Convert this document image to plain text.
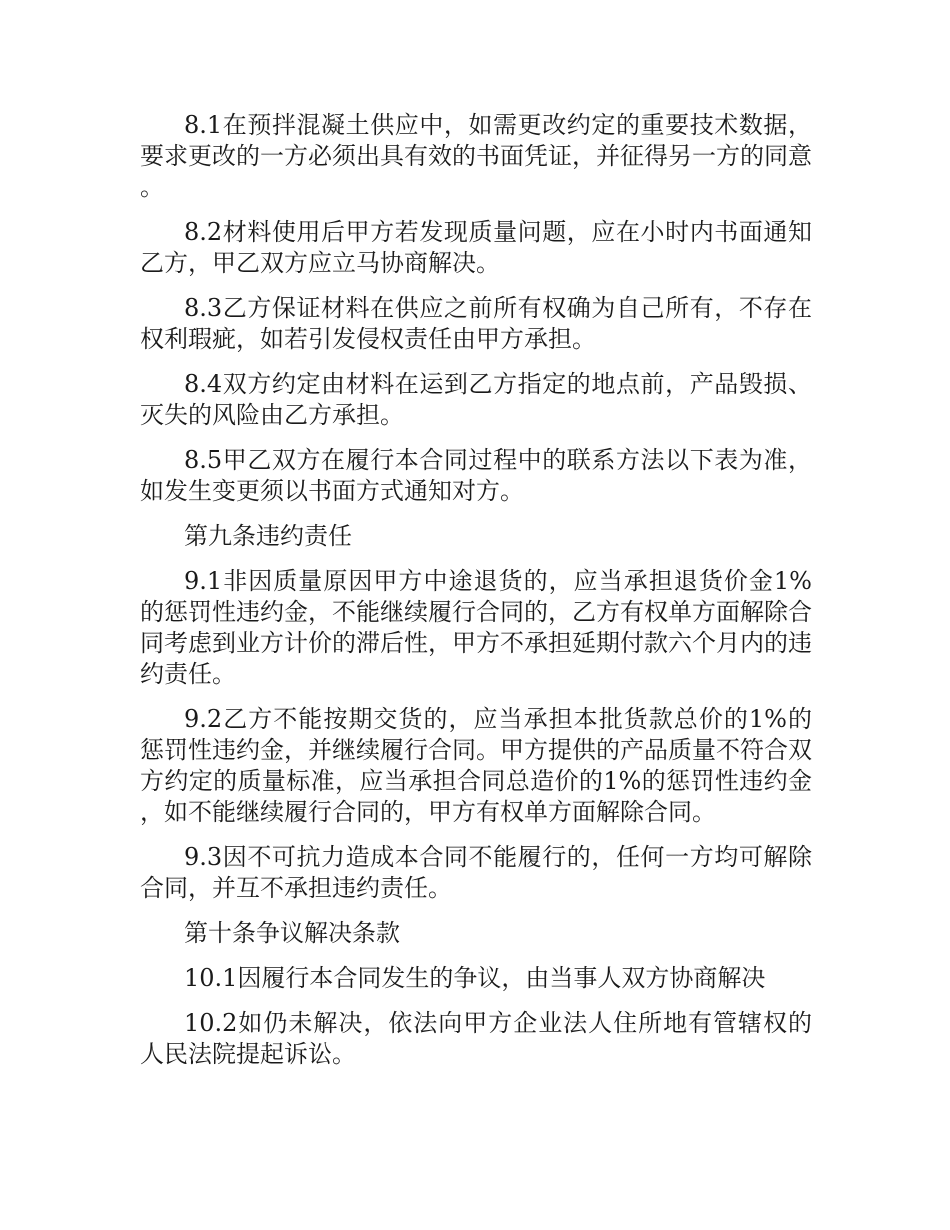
8.1在预拌混凝土供应中，如需更改约定的重要技术数据，要求更改的一方必须出具有效的书面凭证，并征得另一方的同意。

8.2材料使用后甲方若发现质量问题，应在小时内书面通知乙方，甲乙双方应立马协商解决。

8.3乙方保证材料在供应之前所有权确为自己所有，不存在权利瑕疵，如若引发侵权责任由甲方承担。

8.4双方约定由材料在运到乙方指定的地点前，产品毁损、灭失的风险由乙方承担。

8.5甲乙双方在履行本合同过程中的联系方法以下表为准，如发生变更须以书面方式通知对方。

第九条违约责任

9.1非因质量原因甲方中途退货的，应当承担退货价金1%的惩罚性违约金，不能继续履行合同的，乙方有权单方面解除合同考虑到业方计价的滞后性，甲方不承担延期付款六个月内的违约责任。

9.2乙方不能按期交货的，应当承担本批货款总价的1%的惩罚性违约金，并继续履行合同。甲方提供的产品质量不符合双方约定的质量标准，应当承担合同总造价的1%的惩罚性违约金，如不能继续履行合同的，甲方有权单方面解除合同。

9.3因不可抗力造成本合同不能履行的，任何一方均可解除合同，并互不承担违约责任。

第十条争议解决条款

10.1因履行本合同发生的争议，由当事人双方协商解决

10.2如仍未解决，依法向甲方企业法人住所地有管辖权的人民法院提起诉讼。
